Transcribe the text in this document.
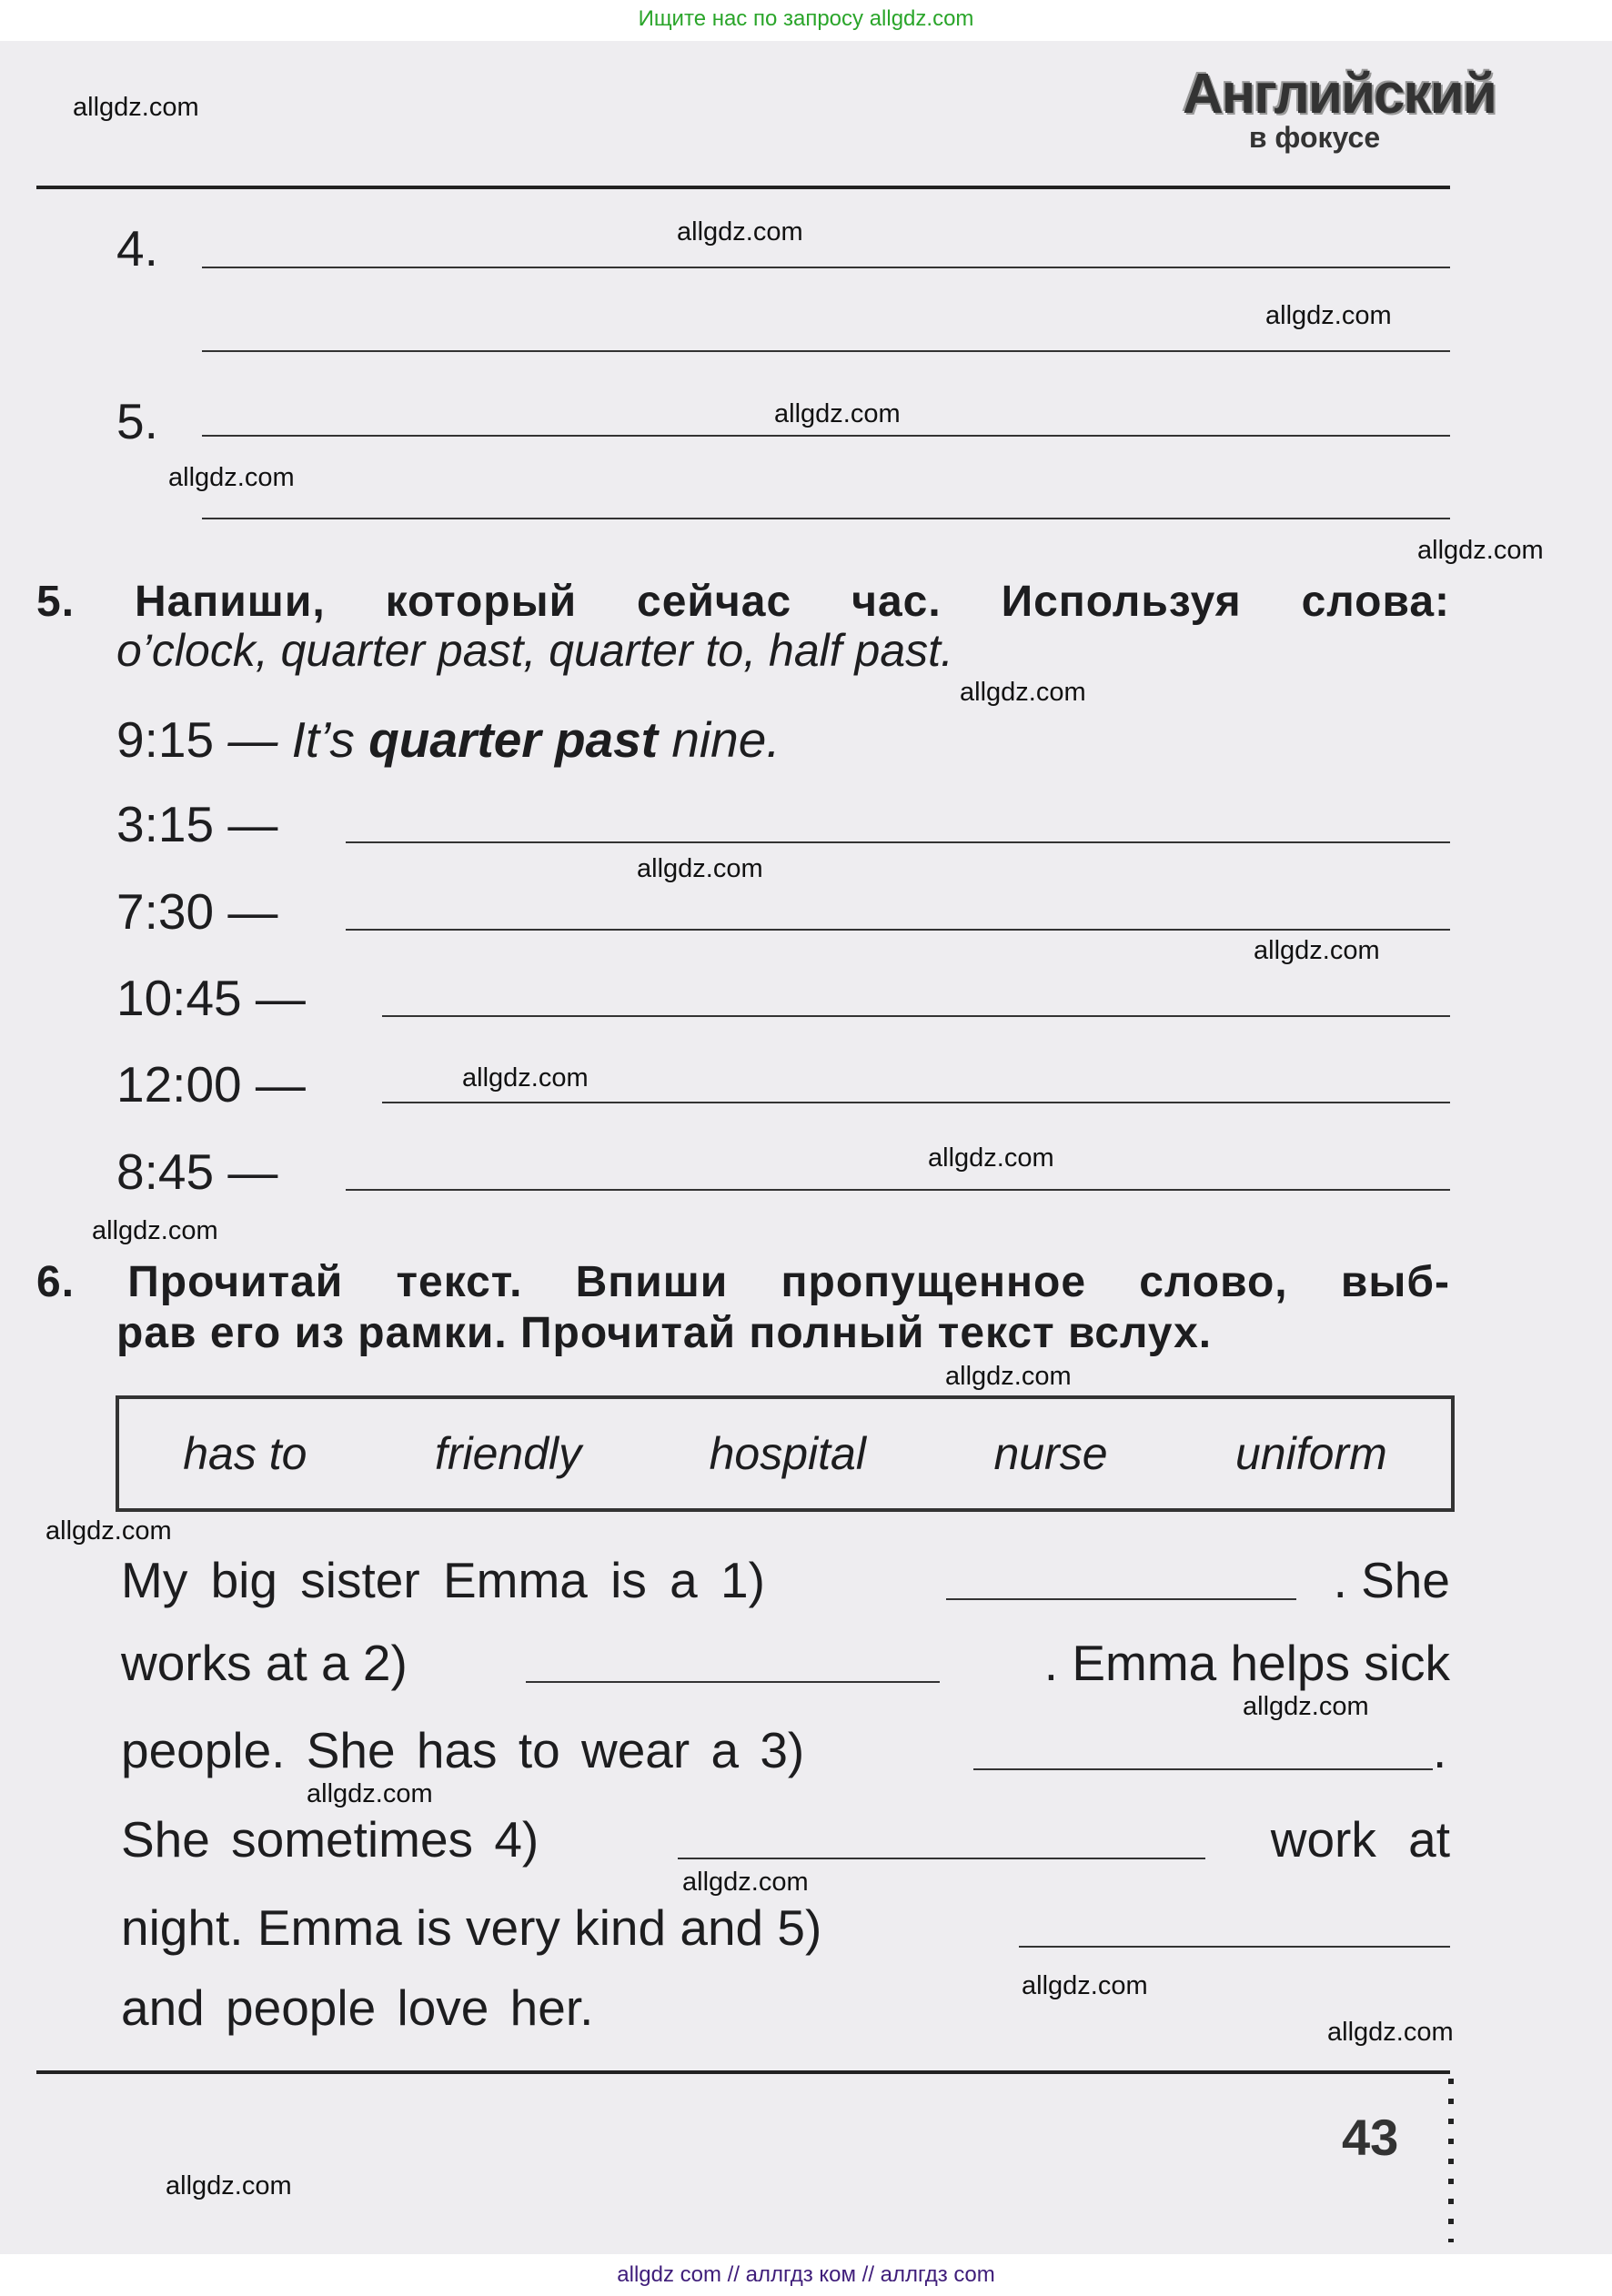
Ищите нас по запросу allgdz.com
Английский
в фокусе
4.
5.
5. Напиши, который сейчас час. Используя слова:
o’clock, quarter past, quarter to, half past.
9:15 — It’s quarter past nine.
3:15 —
7:30 —
10:45 —
12:00 —
8:45 —
6. Прочитай текст. Впиши пропущенное слово, выб-
рав его из рамки. Прочитай полный текст вслух.
has to	friendly	hospital	nurse	uniform
My big sister Emma is a 1)	. She
works at a 2)	. Emma helps sick
people. She has to wear a 3)	.
She sometimes 4)	work at
night. Emma is very kind and 5)
and people love her.
43
allgdz.com
allgdz.com
allgdz.com
allgdz.com
allgdz.com
allgdz.com
allgdz.com
allgdz.com
allgdz.com
allgdz.com
allgdz.com
allgdz.com
allgdz.com
allgdz.com
allgdz.com
allgdz.com
allgdz.com
allgdz.com
allgdz.com
allgdz.com
allgdz com // аллгдз ком // аллгдз com
